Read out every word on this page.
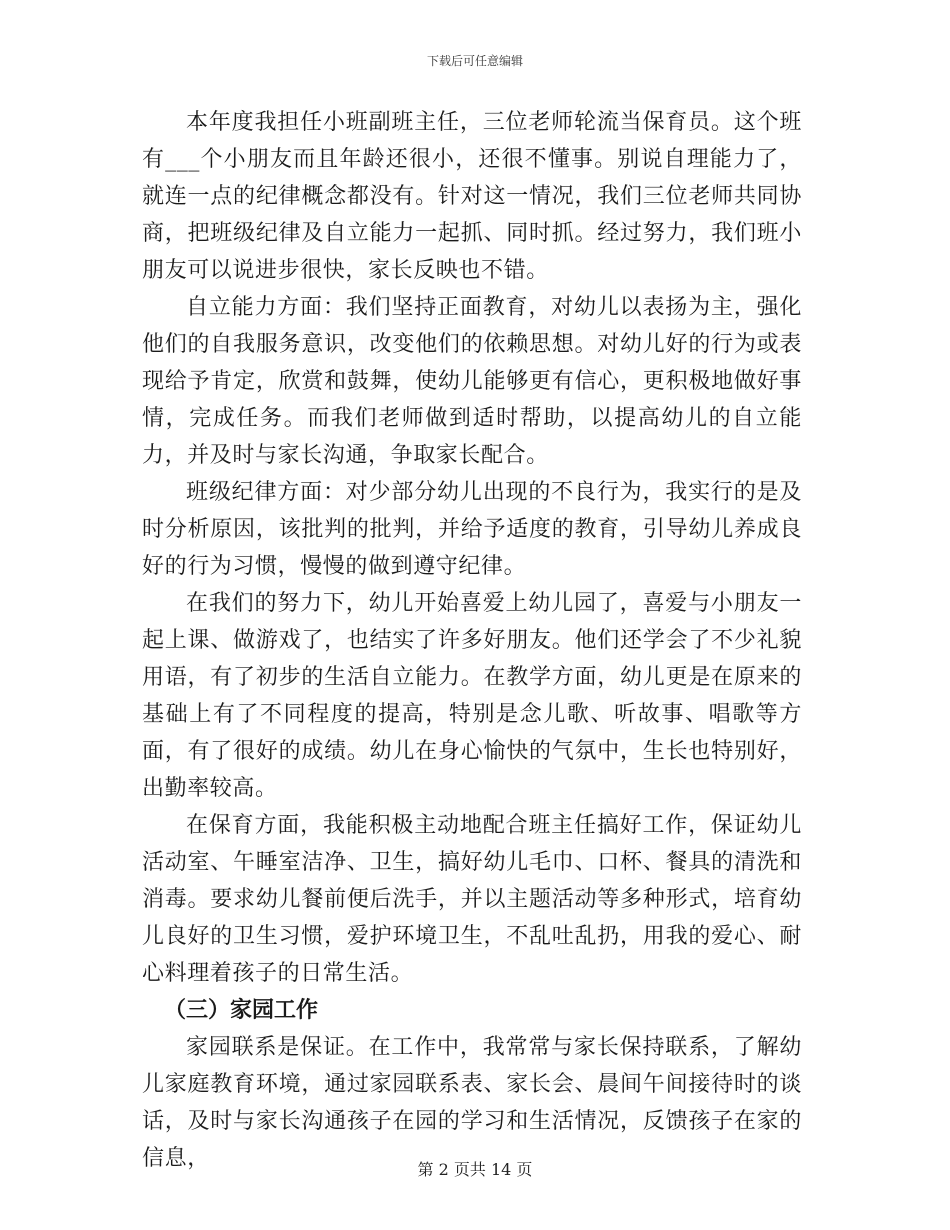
下载后可任意编辑

本年度我担任小班副班主任，三位老师轮流当保育员。这个班有___个小朋友而且年龄还很小，还很不懂事。别说自理能力了，就连一点的纪律概念都没有。针对这一情况，我们三位老师共同协商，把班级纪律及自立能力一起抓、同时抓。经过努力，我们班小朋友可以说进步很快，家长反映也不错。

自立能力方面：我们坚持正面教育，对幼儿以表扬为主，强化他们的自我服务意识，改变他们的依赖思想。对幼儿好的行为或表现给予肯定，欣赏和鼓舞，使幼儿能够更有信心，更积极地做好事情，完成任务。而我们老师做到适时帮助，以提高幼儿的自立能力，并及时与家长沟通，争取家长配合。

班级纪律方面：对少部分幼儿出现的不良行为，我实行的是及时分析原因，该批判的批判，并给予适度的教育，引导幼儿养成良好的行为习惯，慢慢的做到遵守纪律。

在我们的努力下，幼儿开始喜爱上幼儿园了，喜爱与小朋友一起上课、做游戏了，也结实了许多好朋友。他们还学会了不少礼貌用语，有了初步的生活自立能力。在教学方面，幼儿更是在原来的基础上有了不同程度的提高，特别是念儿歌、听故事、唱歌等方面，有了很好的成绩。幼儿在身心愉快的气氛中，生长也特别好，出勤率较高。

在保育方面，我能积极主动地配合班主任搞好工作，保证幼儿活动室、午睡室洁净、卫生，搞好幼儿毛巾、口杯、餐具的清洗和消毒。要求幼儿餐前便后洗手，并以主题活动等多种形式，培育幼儿良好的卫生习惯，爱护环境卫生，不乱吐乱扔，用我的爱心、耐心料理着孩子的日常生活。

（三）家园工作

家园联系是保证。在工作中，我常常与家长保持联系，了解幼儿家庭教育环境，通过家园联系表、家长会、晨间午间接待时的谈话，及时与家长沟通孩子在园的学习和生活情况，反馈孩子在家的信息，	第 2 页共 14 页
